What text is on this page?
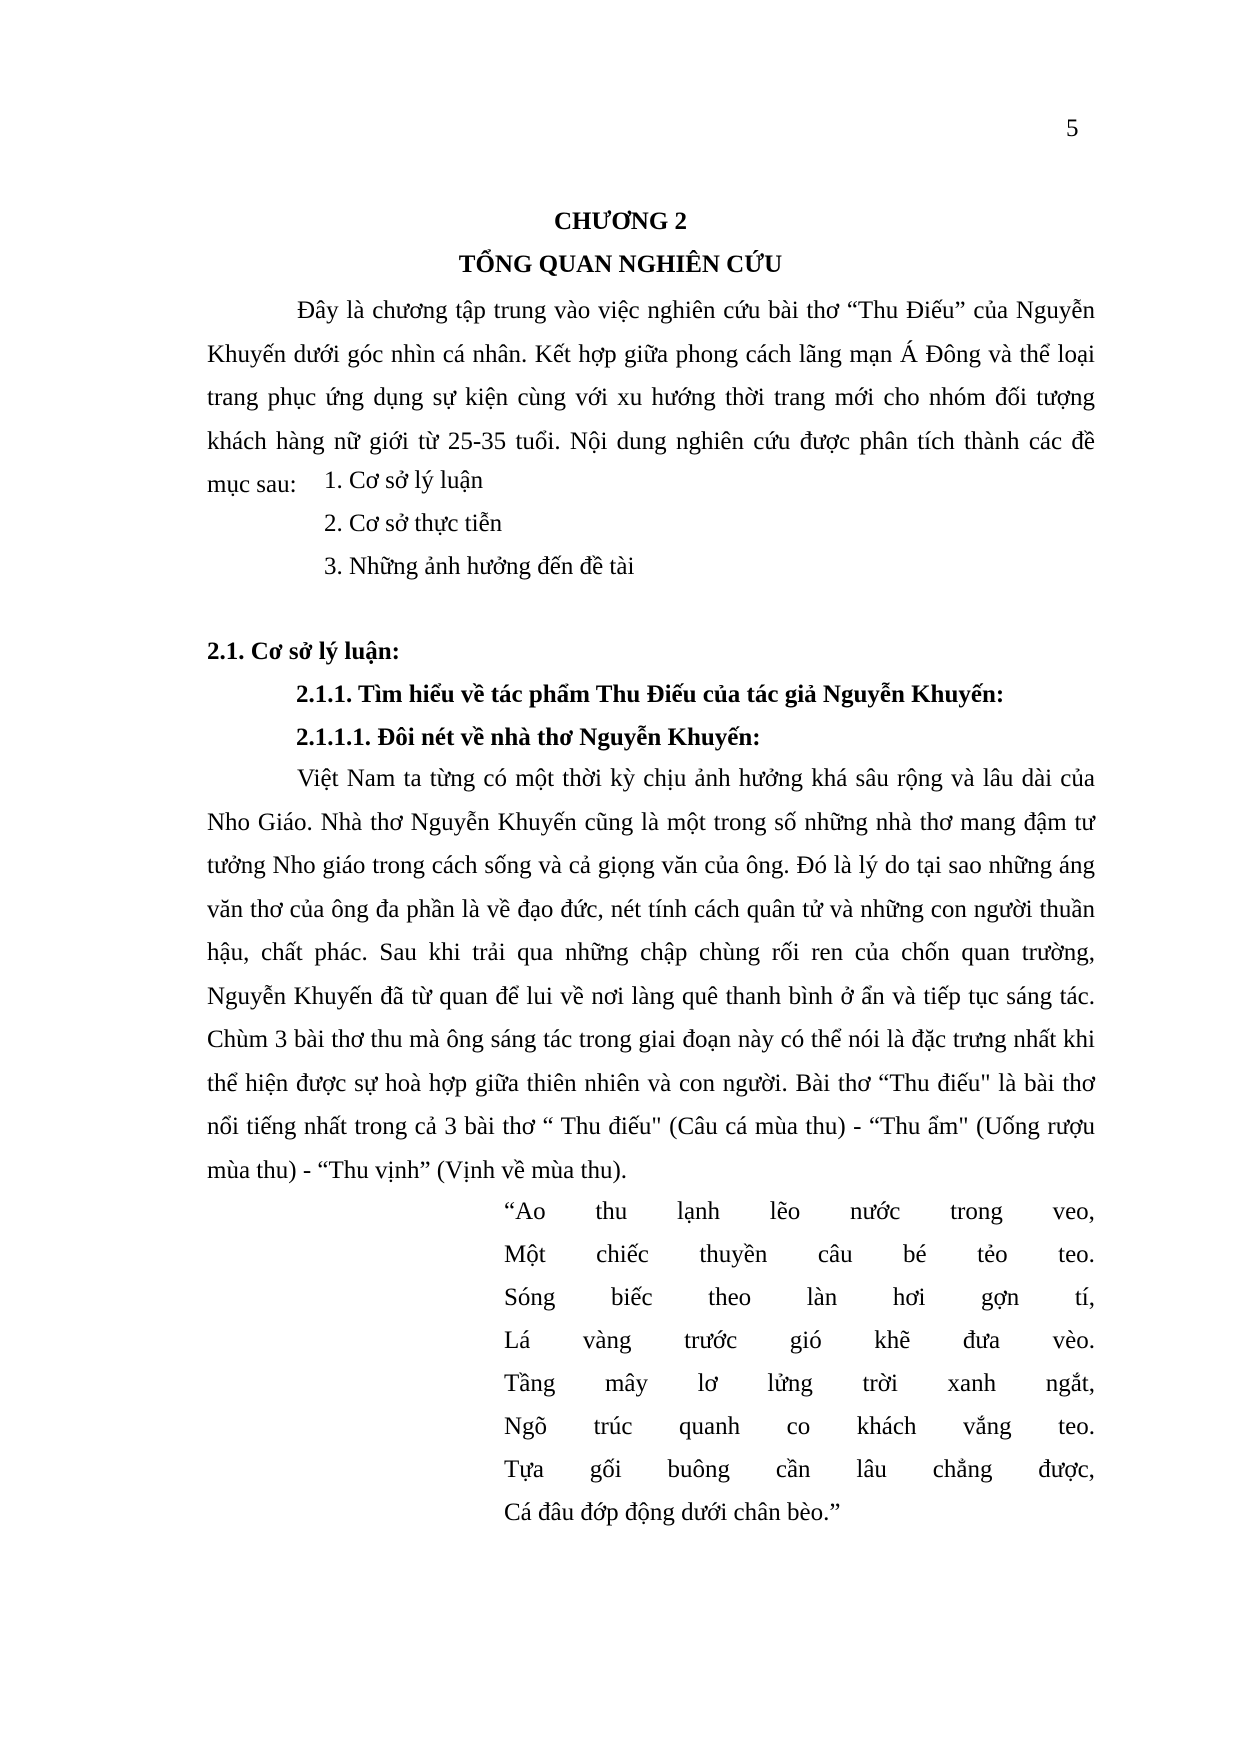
5
CHƯƠNG 2
TỔNG QUAN NGHIÊN CỨU

Đây là chương tập trung vào việc nghiên cứu bài thơ “Thu Điếu” của Nguyễn Khuyến dưới góc nhìn cá nhân. Kết hợp giữa phong cách lãng mạn Á Đông và thể loại trang phục ứng dụng sự kiện cùng với xu hướng thời trang mới cho nhóm đối tượng khách hàng nữ giới từ 25-35 tuổi. Nội dung nghiên cứu được phân tích thành các đề mục sau:	1. Cơ sở lý luận
2. Cơ sở thực tiễn
3. Những ảnh hưởng đến đề tài
2.1. Cơ sở lý luận:
2.1.1. Tìm hiểu về tác phẩm Thu Điếu của tác giả Nguyễn Khuyến:
2.1.1.1. Đôi nét về nhà thơ Nguyễn Khuyến:

Việt Nam ta từng có một thời kỳ chịu ảnh hưởng khá sâu rộng và lâu dài của Nho Giáo. Nhà thơ Nguyễn Khuyến cũng là một trong số những nhà thơ mang đậm tư tưởng Nho giáo trong cách sống và cả giọng văn của ông. Đó là lý do tại sao những áng văn thơ của ông đa phần là về đạo đức, nét tính cách quân tử và những con người thuần hậu, chất phác. Sau khi trải qua những chập chùng rối ren của chốn quan trường, Nguyễn Khuyến đã từ quan để lui về nơi làng quê thanh bình ở ẩn và tiếp tục sáng tác. Chùm 3 bài thơ thu mà ông sáng tác trong giai đoạn này có thể nói là đặc trưng nhất khi thể hiện được sự hoà hợp giữa thiên nhiên và con người. Bài thơ “Thu điếu" là bài thơ nổi tiếng nhất trong cả 3 bài thơ “ Thu điếu" (Câu cá mùa thu) - “Thu ẩm" (Uống rượu mùa thu) - “Thu vịnh” (Vịnh về mùa thu).

“Ao thu lạnh lẽo nước trong veo,
Một chiếc thuyền câu bé tẻo teo.
Sóng biếc theo làn hơi gợn tí,
Lá vàng trước gió khẽ đưa vèo.
Tầng mây lơ lửng trời xanh ngắt,
Ngõ trúc quanh co khách vắng teo.
Tựa gối buông cần lâu chẳng được,
Cá đâu đớp động dưới chân bèo.”
